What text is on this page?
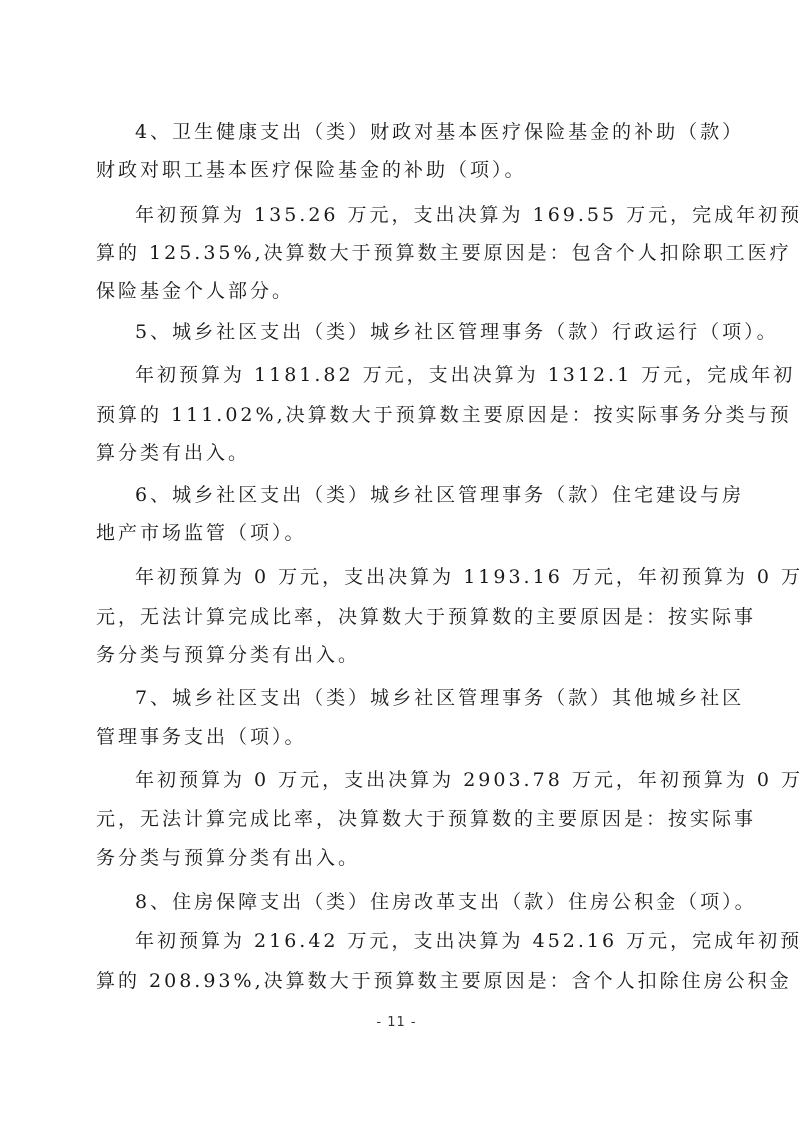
4、卫生健康支出（类）财政对基本医疗保险基金的补助（款）
财政对职工基本医疗保险基金的补助（项）。
年初预算为 135.26 万元，支出决算为 169.55 万元，完成年初预
算的 125.35%,决算数大于预算数主要原因是：包含个人扣除职工医疗
保险基金个人部分。
5、城乡社区支出（类）城乡社区管理事务（款）行政运行（项）。
年初预算为 1181.82 万元，支出决算为 1312.1 万元，完成年初
预算的 111.02%,决算数大于预算数主要原因是：按实际事务分类与预
算分类有出入。
6、城乡社区支出（类）城乡社区管理事务（款）住宅建设与房
地产市场监管（项）。
年初预算为 0 万元，支出决算为 1193.16 万元，年初预算为 0 万
元，无法计算完成比率，决算数大于预算数的主要原因是：按实际事
务分类与预算分类有出入。
7、城乡社区支出（类）城乡社区管理事务（款）其他城乡社区
管理事务支出（项）。
年初预算为 0 万元，支出决算为 2903.78 万元，年初预算为 0 万
元，无法计算完成比率，决算数大于预算数的主要原因是：按实际事
务分类与预算分类有出入。
8、住房保障支出（类）住房改革支出（款）住房公积金（项）。
年初预算为 216.42 万元，支出决算为 452.16 万元，完成年初预
算的 208.93%,决算数大于预算数主要原因是：含个人扣除住房公积金
- 11 -
